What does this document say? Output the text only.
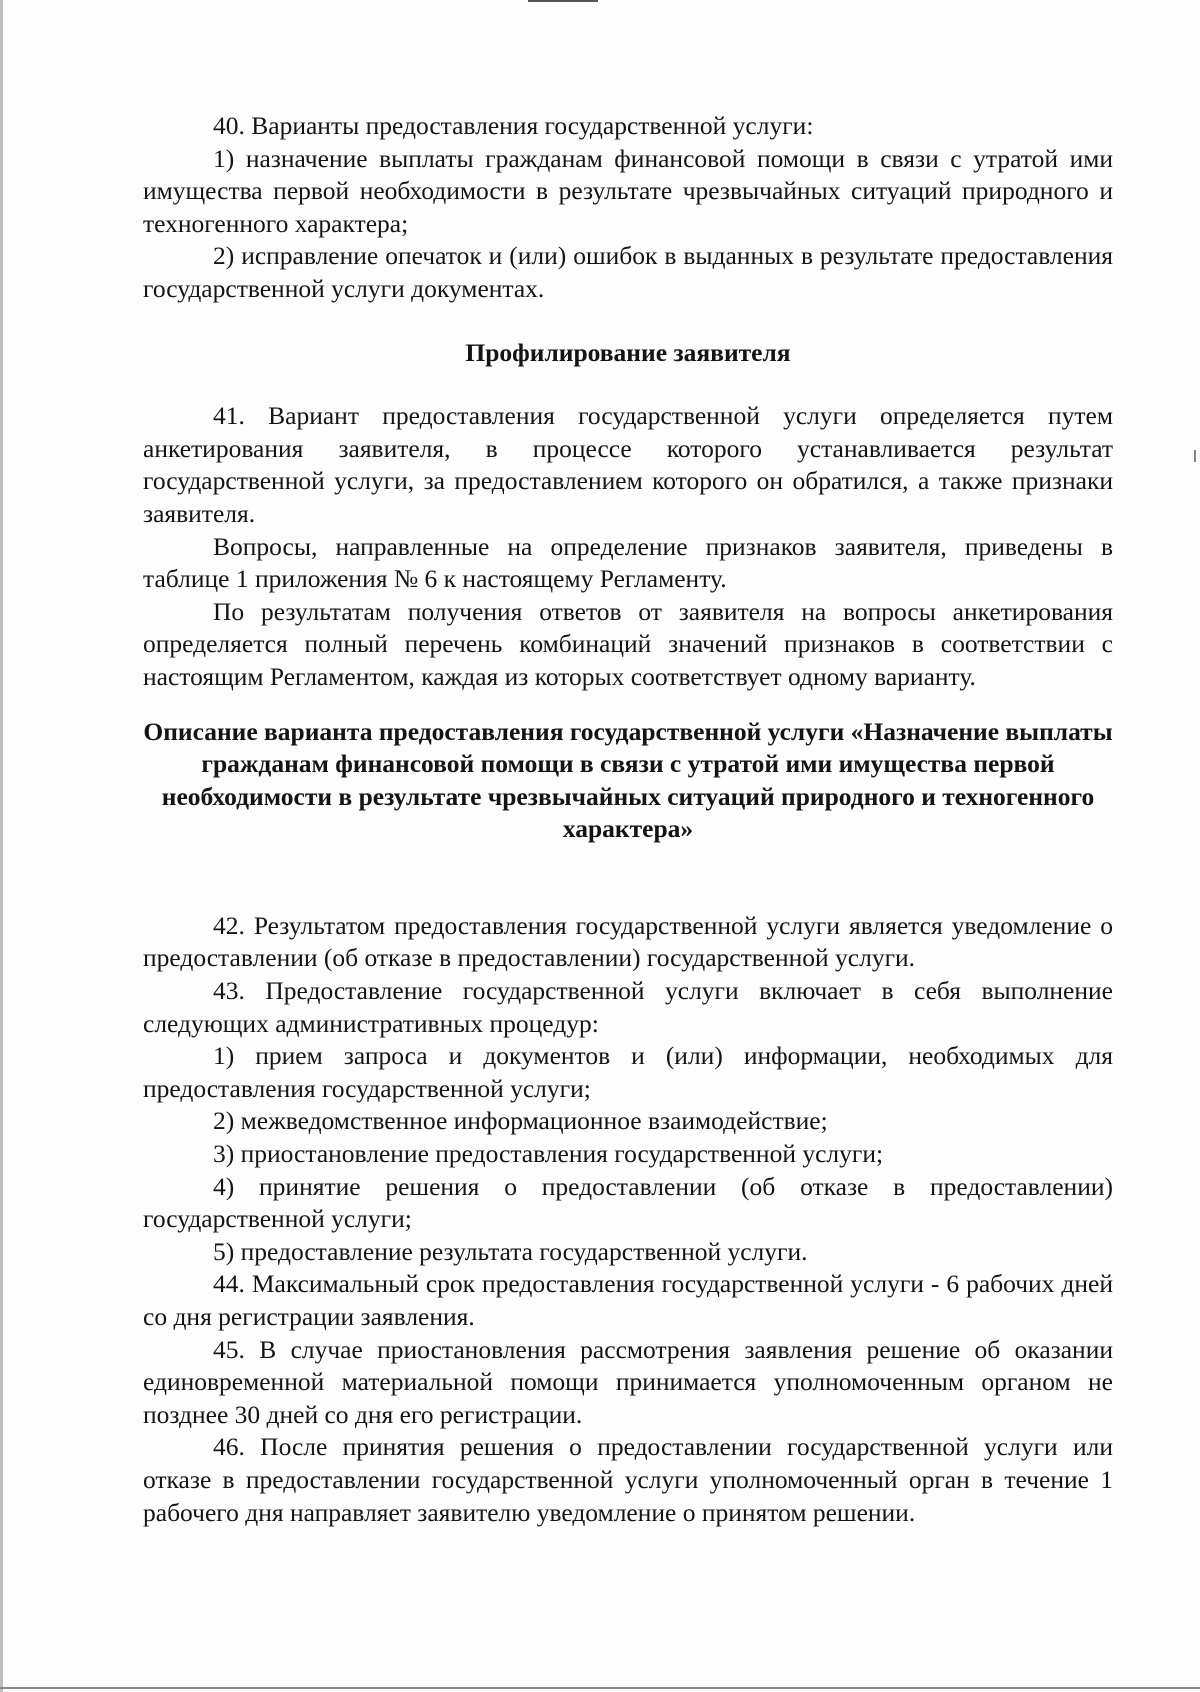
40. Варианты предоставления государственной услуги:

1) назначение выплаты гражданам финансовой помощи в связи с утратой ими имущества первой необходимости в результате чрезвычайных ситуаций природного и техногенного характера;

2) исправление опечаток и (или) ошибок в выданных в результате предоставления государственной услуги документах.

Профилирование заявителя

41. Вариант предоставления государственной услуги определяется путем анкетирования заявителя, в процессе которого устанавливается результат государственной услуги, за предоставлением которого он обратился, а также признаки заявителя.

Вопросы, направленные на определение признаков заявителя, приведены в таблице 1 приложения № 6 к настоящему Регламенту.

По результатам получения ответов от заявителя на вопросы анкетирования определяется полный перечень комбинаций значений признаков в соответствии с настоящим Регламентом, каждая из которых соответствует одному варианту.

Описание варианта предоставления государственной услуги «Назначение выплаты гражданам финансовой помощи в связи с утратой ими имущества первой необходимости в результате чрезвычайных ситуаций природного и техногенного характера»

42. Результатом предоставления государственной услуги является уведомление о предоставлении (об отказе в предоставлении) государственной услуги.

43. Предоставление государственной услуги включает в себя выполнение следующих административных процедур:

1) прием запроса и документов и (или) информации, необходимых для предоставления государственной услуги;

2) межведомственное информационное взаимодействие;

3) приостановление предоставления государственной услуги;

4) принятие решения о предоставлении (об отказе в предоставлении) государственной услуги;

5) предоставление результата государственной услуги.

44. Максимальный срок предоставления государственной услуги - 6 рабочих дней со дня регистрации заявления.

45. В случае приостановления рассмотрения заявления решение об оказании единовременной материальной помощи принимается уполномоченным органом не позднее 30 дней со дня его регистрации.

46. После принятия решения о предоставлении государственной услуги или отказе в предоставлении государственной услуги уполномоченный орган в течение 1 рабочего дня направляет заявителю уведомление о принятом решении.
